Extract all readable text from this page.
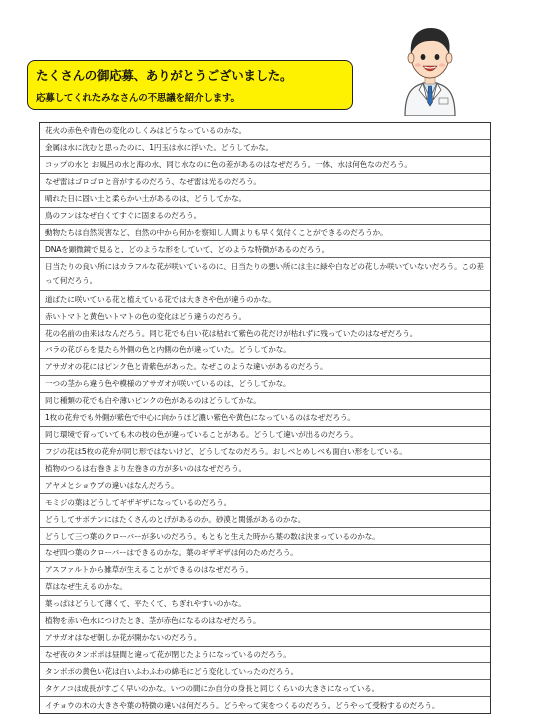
たくさんの御応募、ありがとうございました。
応募してくれたみなさんの不思議を紹介します。
花火の赤色や青色の変化のしくみはどうなっているのかな。
金属は水に沈むと思ったのに、1円玉は水に浮いた。どうしてかな。
コップの水と お風呂の水と海の水、同じ水なのに色の差があるのはなぜだろう。一体、水は何色なのだろう。
なぜ雷はゴロゴロと音がするのだろう、なぜ雷は光るのだろう。
晴れた日に固い土と柔らかい土があるのは、どうしてかな。
鳥のフンはなぜ白くてすぐに固まるのだろう。
動物たちは自然災害など、自然の中から何かを察知し人間よりも早く気付くことができるのだろうか。
DNAを顕微鏡で見ると、どのような形をしていて、どのような特徴があるのだろう。
日当たりの良い所にはカラフルな花が咲いているのに、日当たりの悪い所には主に緑や白などの花しか咲いていないだろう。この差って何だろう。
道ばたに咲いている花と植えている花では大きさや色が違うのかな。
赤いトマトと黄色いトマトの色の変化はどう違うのだろう。
花の名前の由来はなんだろう。同じ花でも白い花は枯れて紫色の花だけが枯れずに残っていたのはなぜだろう。
バラの花びらを見たら外側の色と内側の色が違っていた。どうしてかな。
アサガオの花にはピンク色と青紫色があった。なぜこのような違いがあるのだろう。
一つの茎から違う色や模様のアサガオが咲いているのは、どうしてかな。
同じ種類の花でも白や薄いピンクの色があるのはどうしてかな。
1枚の花弁でも外側が紫色で中心に向かうほど濃い紫色や黄色になっているのはなぜだろう。
同じ環境で育っていても木の枝の色が違っていることがある。どうして違いが出るのだろう。
フジの花は5枚の花弁が同じ形ではないけど、どうしてなのだろう。おしべとめしべも面白い形をしている。
植物のつるは右巻きより左巻きの方が多いのはなぜだろう。
アヤメとショウブの違いはなんだろう。
モミジの葉はどうしてギザギザになっているのだろう。
どうしてサボテンにはたくさんのとげがあるのか。砂漠と関係があるのかな。
どうして三つ葉のクローバーが多いのだろう。もともと生えた時から葉の数は決まっているのかな。
なぜ四つ葉のクローバーはできるのかな。葉のギザギザは何のためだろう。
アスファルトから雑草が生えることができるのはなぜだろう。
草はなぜ生えるのかな。
葉っぱはどうして薄くて、平たくて、ちぎれやすいのかな。
植物を赤い色水につけたとき、茎が赤色になるのはなぜだろう。
アサガオはなぜ朝しか花が開かないのだろう。
なぜ夜のタンポポは昼間と違って花が閉じたようになっているのだろう。
タンポポの黄色い花は白いふわふわの綿毛にどう変化していったのだろう。
タケノコは成長がすごく早いのかな。いつの間にか自分の身長と同じくらいの大きさになっている。
イチョウの木の大きさや葉の特徴の違いは何だろう。どうやって実をつくるのだろう。どうやって受粉するのだろう。
